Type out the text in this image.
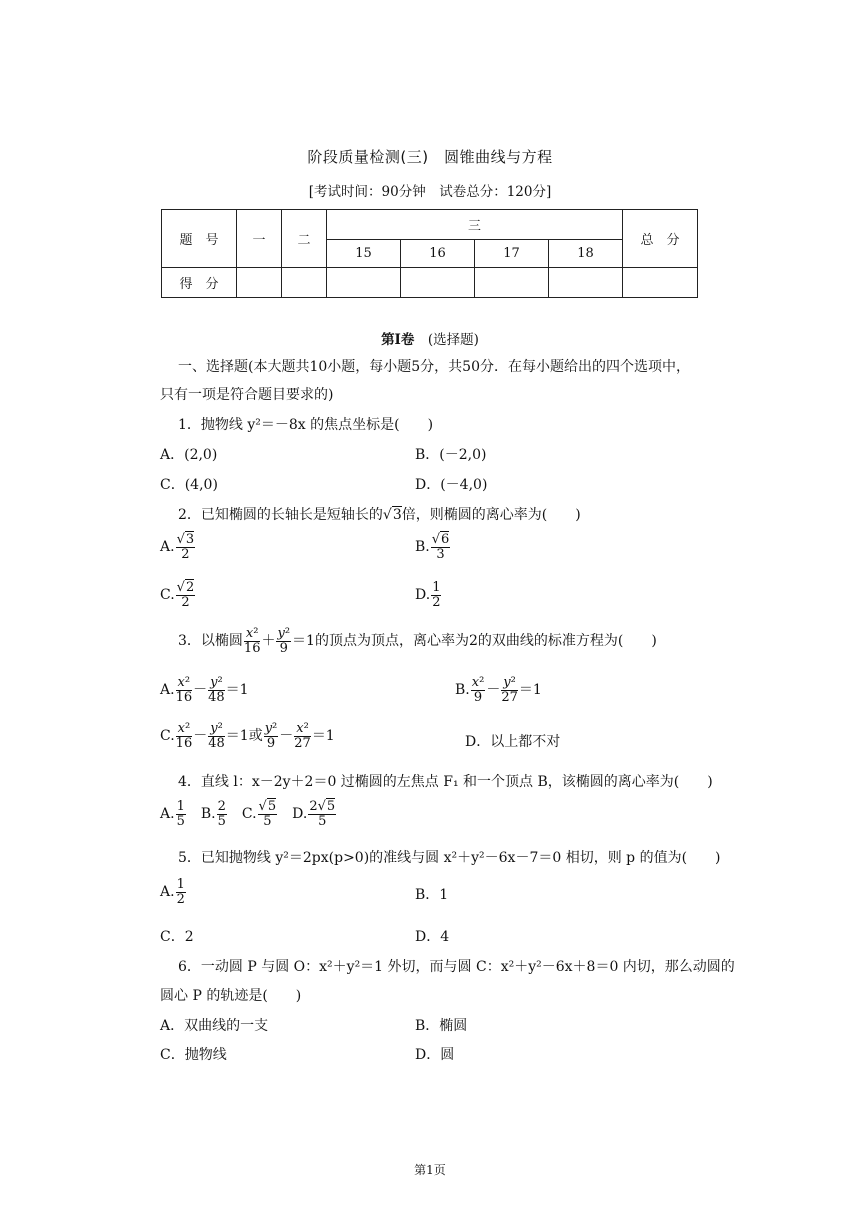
阶段质量检测(三)　圆锥曲线与方程
[考试时间：90分钟　试卷总分：120分]
题　号	一	二	三				总　分
			15	16	17	18	
得　分							
第Ⅰ卷　 (选择题)
一、选择题(本大题共10小题，每小题5分，共50分．在每小题给出的四个选项中，
只有一项是符合题目要求的)
1．抛物线 y²＝－8x 的焦点坐标是(　　)
A．(2,0)	B．(－2,0)
C．(4,0)	D．(－4,0)
2．已知椭圆的长轴长是短轴长的√3倍，则椭圆的离心率为(　　)
A. $\frac{√3}{2}$	B. $\frac{√6}{3}$
C. $\frac{√2}{2}$	D. $\frac{1}{2}$
3．以椭圆 $\frac{\text{x²}}{16} + \frac{\text{y²}}{9} =1$的顶点为顶点，离心率为2的双曲线的标准方程为(　　)
A. $\frac{\text{x²}}{16} - \frac{\text{y²}}{48} =1$	B. $\frac{\text{x²}}{9} - \frac{\text{y²}}{27} =1$
C. $\frac{\text{x²}}{16} - \frac{\text{y²}}{48} =1$或 $\frac{\text{y²}}{9} - \frac{\text{x²}}{27} =1$	D．以上都不对
4．直线 l：x－2y＋2＝0 过椭圆的左焦点 F₁ 和一个顶点 B，该椭圆的离心率为(　　)
A. $\frac{1}{5}$ 　B. $\frac{2}{5}$ 　C. $\frac{√5}{5}$ 　D. $\frac{2√5}{5}$
5．已知抛物线 y²＝2px(p>0)的准线与圆 x²＋y²－6x－7＝0 相切，则 p 的值为(　　)
A. $\frac{1}{2}$	B．1
C．2	D．4
6．一动圆 P 与圆 O：x²＋y²＝1 外切，而与圆 C：x²＋y²－6x＋8＝0 内切，那么动圆的
圆心 P 的轨迹是(　　)
A．双曲线的一支	B．椭圆
C．抛物线	D．圆
第1页
